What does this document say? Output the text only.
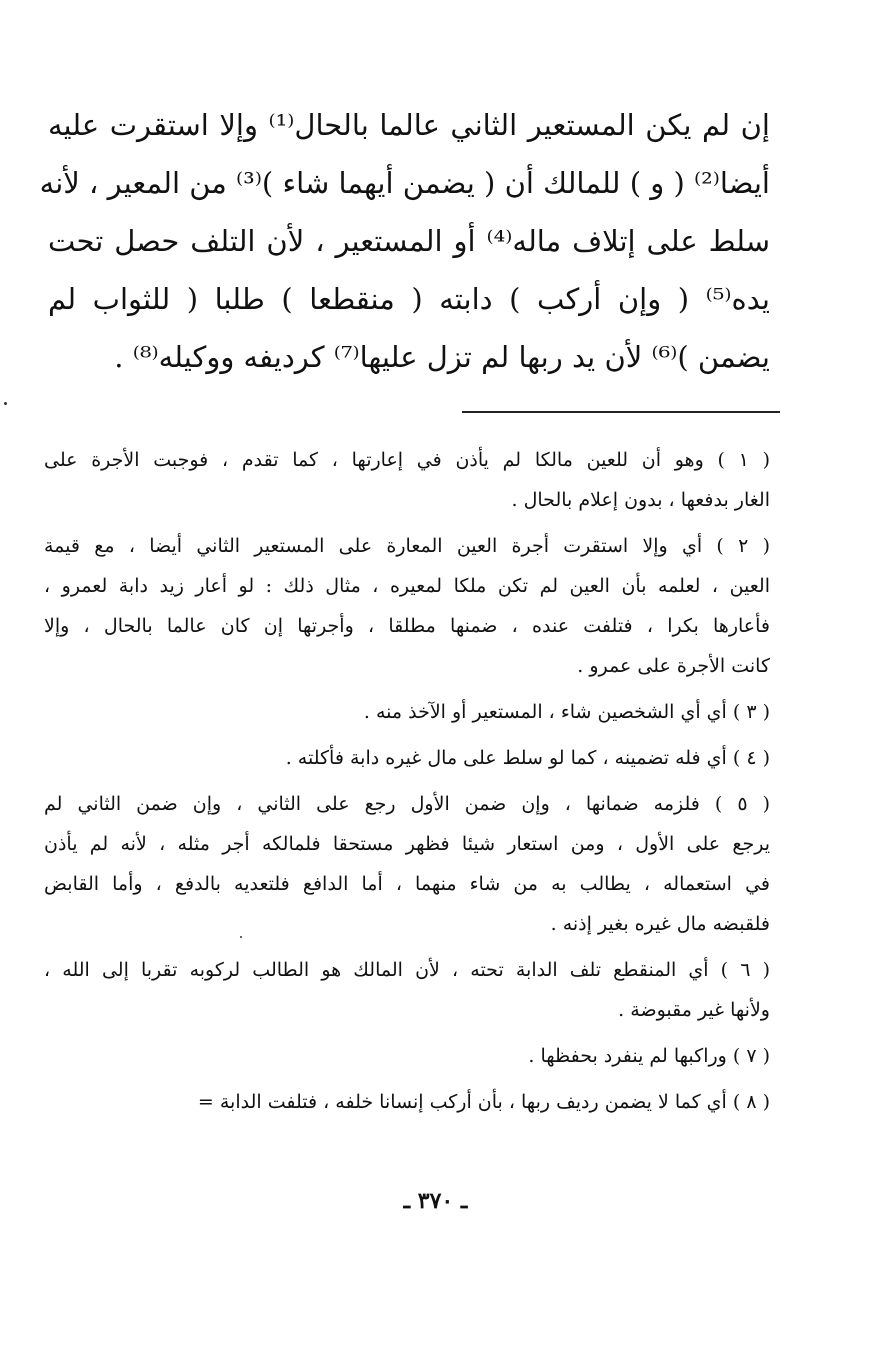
إن لم يكن المستعير الثاني عالما بالحال⁽¹⁾ وإلا استقرت عليه
أيضا⁽²⁾ ( و ) للمالك أن ( يضمن أيهما شاء )⁽³⁾ من المعير ، لأنه
سلط على إتلاف ماله⁽⁴⁾ أو المستعير ، لأن التلف حصل تحت
يده⁽⁵⁾ ( وإن أركب ) دابته ( منقطعا ) طلبا ( للثواب لم
يضمن )⁽⁶⁾ لأن يد ربها لم تزل عليها⁽⁷⁾ كرديفه ووكيله⁽⁸⁾ .
( ١ ) وهو أن للعين مالكا لم يأذن في إعارتها ، كما تقدم ، فوجبت الأجرة على
الغار بدفعها ، بدون إعلام بالحال .
( ٢ ) أي وإلا استقرت أجرة العين المعارة على المستعير الثاني أيضا ، مع قيمة
العين ، لعلمه بأن العين لم تكن ملكا لمعيره ، مثال ذلك : لو أعار زيد دابة لعمرو ،
فأعارها بكرا ، فتلفت عنده ، ضمنها مطلقا ، وأجرتها إن كان عالما بالحال ، وإلا
كانت الأجرة على عمرو .
( ٣ ) أي أي الشخصين شاء ، المستعير أو الآخذ منه .
( ٤ ) أي فله تضمينه ، كما لو سلط على مال غيره دابة فأكلته .
( ٥ ) فلزمه ضمانها ، وإن ضمن الأول رجع على الثاني ، وإن ضمن الثاني لم
يرجع على الأول ، ومن استعار شيئا فظهر مستحقا فلمالكه أجر مثله ، لأنه لم يأذن
في استعماله ، يطالب به من شاء منهما ، أما الدافع فلتعديه بالدفع ، وأما القابض
فلقبضه مال غيره بغير إذنه .
( ٦ ) أي المنقطع تلف الدابة تحته ، لأن المالك هو الطالب لركوبه تقربا إلى الله ،
ولأنها غير مقبوضة .
( ٧ ) وراكبها لم ينفرد بحفظها .
( ٨ ) أي كما لا يضمن رديف ربها ، بأن أركب إنسانا خلفه ، فتلفت الدابة =
ـ ٣٧٠ ـ
